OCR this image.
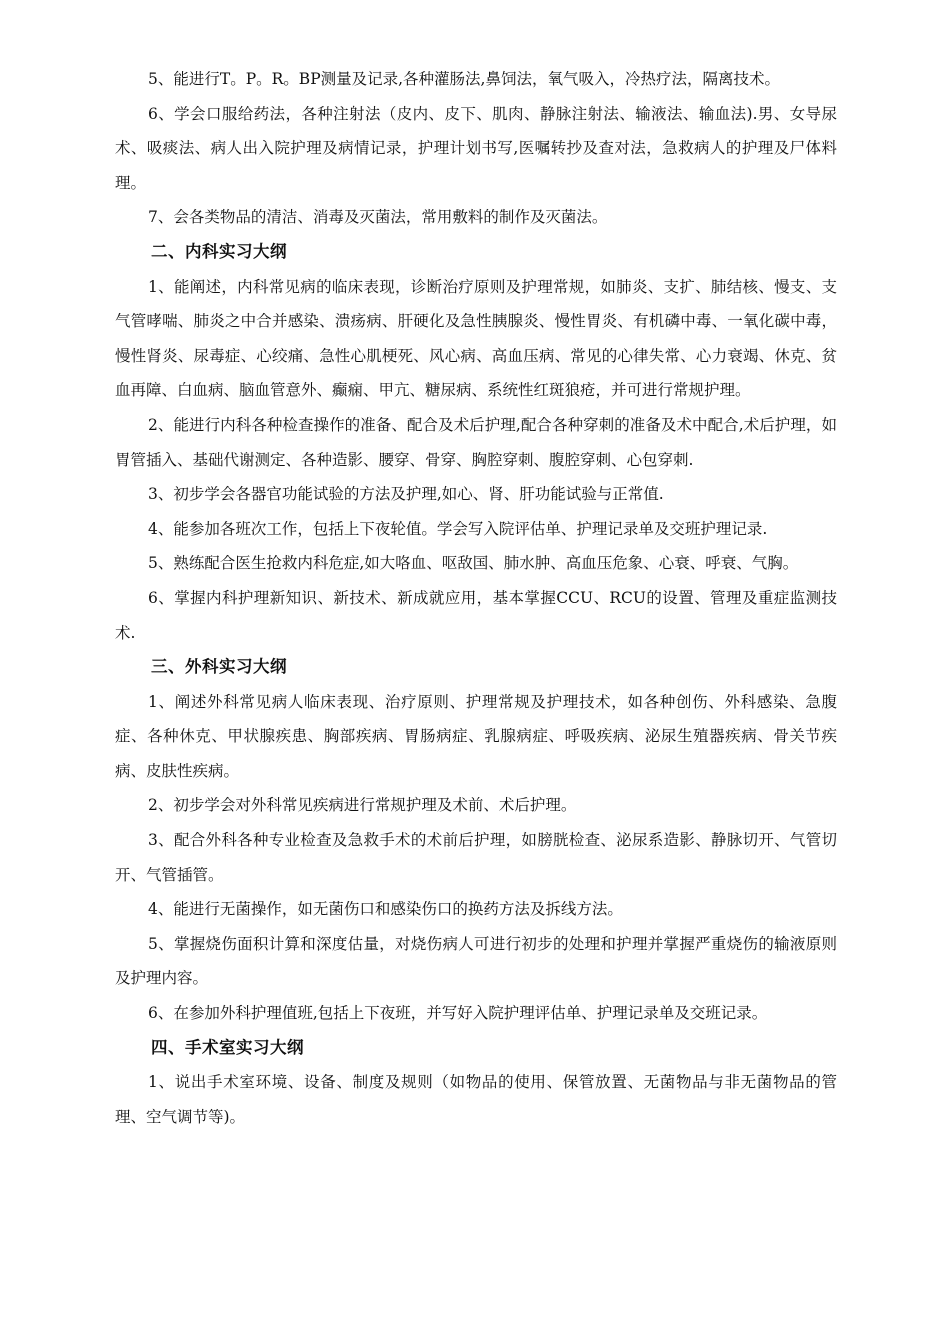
5、能进行T。P。R。BP测量及记录,各种灌肠法,鼻饲法，氧气吸入，冷热疗法，隔离技术。

6、学会口服给药法，各种注射法（皮内、皮下、肌肉、静脉注射法、输液法、输血法).男、女导尿术、吸痰法、病人出入院护理及病情记录，护理计划书写,医嘱转抄及查对法，急救病人的护理及尸体料理。

7、会各类物品的清洁、消毒及灭菌法，常用敷料的制作及灭菌法。

二、内科实习大纲

1、能阐述，内科常见病的临床表现，诊断治疗原则及护理常规，如肺炎、支扩、肺结核、慢支、支气管哮喘、肺炎之中合并感染、溃疡病、肝硬化及急性胰腺炎、慢性胃炎、有机磷中毒、一氧化碳中毒，慢性肾炎、尿毒症、心绞痛、急性心肌梗死、风心病、高血压病、常见的心律失常、心力衰竭、休克、贫血再障、白血病、脑血管意外、癫痫、甲亢、糖尿病、系统性红斑狼疮，并可进行常规护理。

2、能进行内科各种检查操作的准备、配合及术后护理,配合各种穿刺的准备及术中配合,术后护理，如胃管插入、基础代谢测定、各种造影、腰穿、骨穿、胸腔穿刺、腹腔穿刺、心包穿刺.

3、初步学会各器官功能试验的方法及护理,如心、肾、肝功能试验与正常值.

4、能参加各班次工作，包括上下夜轮值。学会写入院评估单、护理记录单及交班护理记录.

5、熟练配合医生抢救内科危症,如大咯血、呕敌国、肺水肿、高血压危象、心衰、呼衰、气胸。

6、掌握内科护理新知识、新技术、新成就应用，基本掌握CCU、RCU的设置、管理及重症监测技术.

三、外科实习大纲

1、阐述外科常见病人临床表现、治疗原则、护理常规及护理技术，如各种创伤、外科感染、急腹症、各种休克、甲状腺疾患、胸部疾病、胃肠病症、乳腺病症、呼吸疾病、泌尿生殖器疾病、骨关节疾病、皮肤性疾病。

2、初步学会对外科常见疾病进行常规护理及术前、术后护理。

3、配合外科各种专业检查及急救手术的术前后护理，如膀胱检查、泌尿系造影、静脉切开、气管切开、气管插管。

4、能进行无菌操作，如无菌伤口和感染伤口的换药方法及拆线方法。

5、掌握烧伤面积计算和深度估量，对烧伤病人可进行初步的处理和护理并掌握严重烧伤的输液原则及护理内容。

6、在参加外科护理值班,包括上下夜班，并写好入院护理评估单、护理记录单及交班记录。

四、手术室实习大纲

1、说出手术室环境、设备、制度及规则（如物品的使用、保管放置、无菌物品与非无菌物品的管理、空气调节等)。
